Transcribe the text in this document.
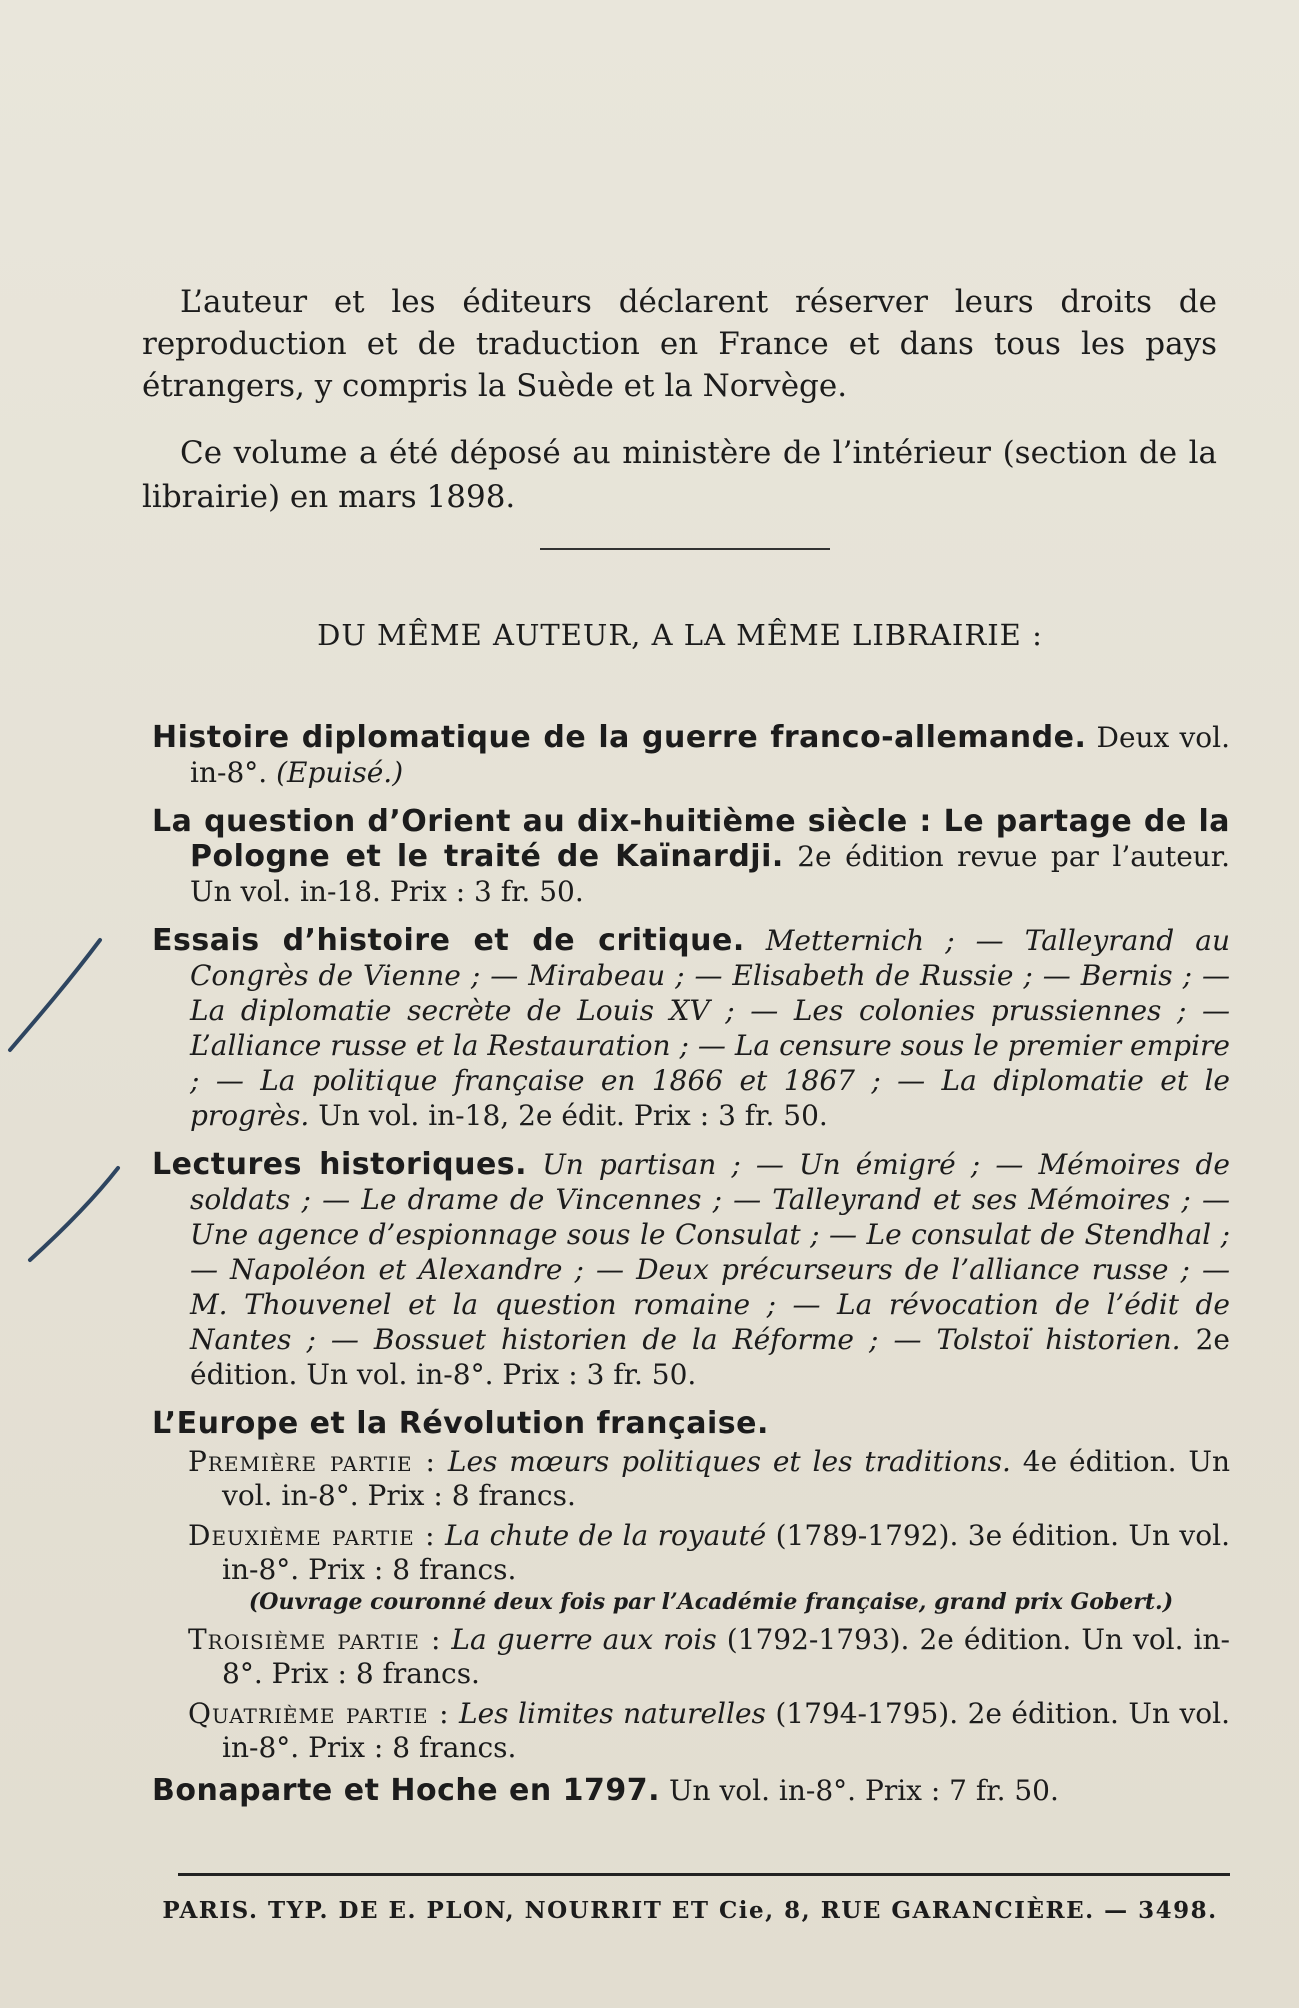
L’auteur et les éditeurs déclarent réserver leurs droits de reproduction et de traduction en France et dans tous les pays étrangers, y compris la Suède et la Norvège.

Ce volume a été déposé au ministère de l’intérieur (section de la librairie) en mars 1898.

DU MÊME AUTEUR, A LA MÊME LIBRAIRIE :
Histoire diplomatique de la guerre franco-allemande. Deux vol. in-8°. (Epuisé.)
La question d’Orient au dix-huitième siècle : Le partage de la Pologne et le traité de Kaïnardji. 2e édition revue par l’auteur. Un vol. in-18. Prix : 3 fr. 50.
Essais d’histoire et de critique. Metternich ; — Talleyrand au Congrès de Vienne ; — Mirabeau ; — Elisabeth de Russie ; — Bernis ; — La diplomatie secrète de Louis XV ; — Les colonies prussiennes ; — L’alliance russe et la Restauration ; — La censure sous le premier empire ; — La politique française en 1866 et 1867 ; — La diplomatie et le progrès. Un vol. in-18, 2e édit. Prix : 3 fr. 50.
Lectures historiques. Un partisan ; — Un émigré ; — Mémoires de soldats ; — Le drame de Vincennes ; — Talleyrand et ses Mémoires ; — Une agence d’espionnage sous le Consulat ; — Le consulat de Stendhal ; — Napoléon et Alexandre ; — Deux précurseurs de l’alliance russe ; — M. Thouvenel et la question romaine ; — La révocation de l’édit de Nantes ; — Bossuet historien de la Réforme ; — Tolstoï historien. 2e édition. Un vol. in-8°. Prix : 3 fr. 50.
L’Europe et la Révolution française.
Première partie : Les mœurs politiques et les traditions. 4e édition. Un vol. in-8°. Prix : 8 francs.
Deuxième partie : La chute de la royauté (1789-1792). 3e édition. Un vol. in-8°. Prix : 8 francs.
(Ouvrage couronné deux fois par l’Académie française, grand prix Gobert.)
Troisième partie : La guerre aux rois (1792-1793). 2e édition. Un vol. in-8°. Prix : 8 francs.
Quatrième partie : Les limites naturelles (1794-1795). 2e édition. Un vol. in-8°. Prix : 8 francs.
Bonaparte et Hoche en 1797. Un vol. in-8°. Prix : 7 fr. 50.
PARIS. TYP. DE E. PLON, NOURRIT ET Cie, 8, RUE GARANCIÈRE. — 3498.
